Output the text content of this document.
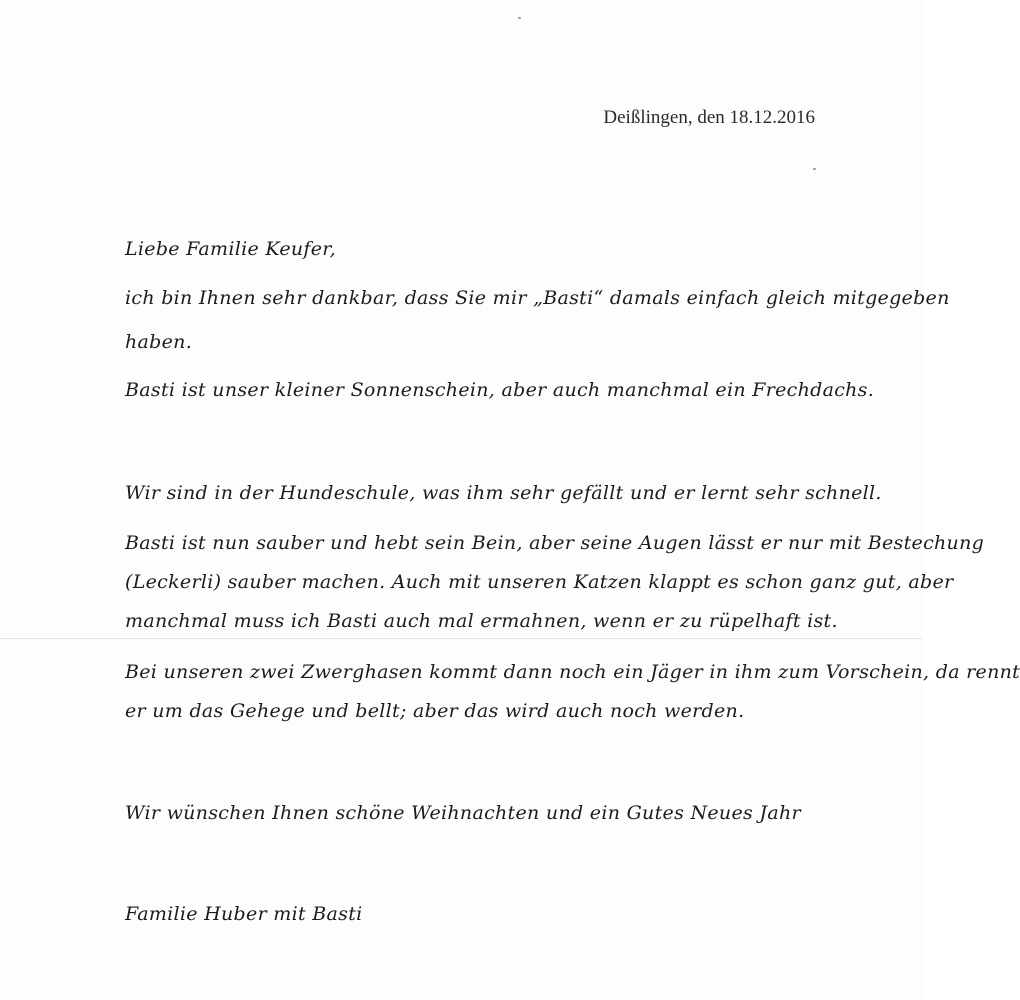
Deißlingen, den 18.12.2016
Liebe Familie Keufer,
ich bin Ihnen sehr dankbar, dass Sie mir „Basti“ damals einfach gleich mitgegeben
haben.
Basti ist unser kleiner Sonnenschein, aber auch manchmal ein Frechdachs.
Wir sind in der Hundeschule, was ihm sehr gefällt und er lernt sehr schnell.
Basti ist nun sauber und hebt sein Bein, aber seine Augen lässt er nur mit Bestechung
(Leckerli) sauber machen. Auch mit unseren Katzen klappt es schon ganz gut, aber
manchmal muss ich Basti auch mal ermahnen, wenn er zu rüpelhaft ist.
Bei unseren zwei Zwerghasen kommt dann noch ein Jäger in ihm zum Vorschein, da rennt
er um das Gehege und bellt; aber das wird auch noch werden.
Wir wünschen Ihnen schöne Weihnachten und ein Gutes Neues Jahr
Familie Huber mit Basti
